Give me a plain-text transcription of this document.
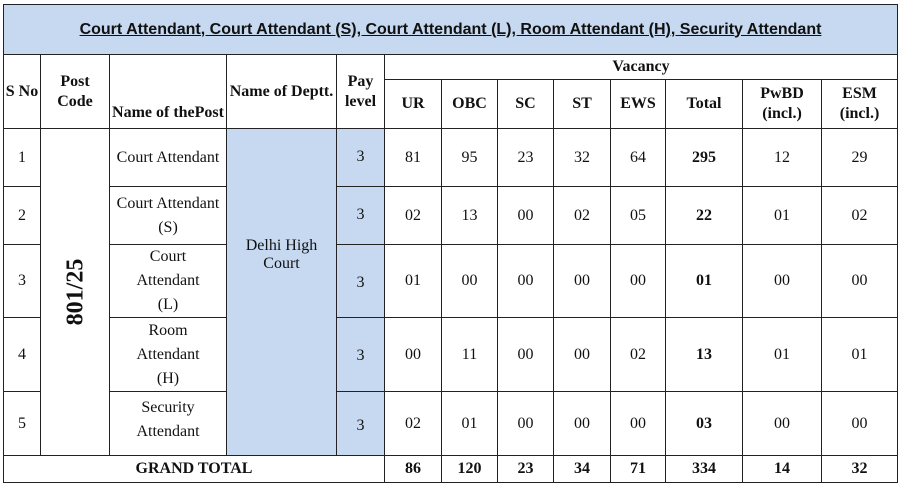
Court Attendant, Court Attendant (S), Court Attendant (L), Room Attendant (H), Security Attendant												
S No	Post Code	Name of thePost	Name of Deptt.	Pay level	Vacancy							
					UR	OBC	SC	ST	EWS	Total	PwBD (incl.)	ESM (incl.)
1	801/25	Court Attendant	Delhi High Court	3	81	95	23	32	64	295	12	29
2		Court Attendant (S)		3	02	13	00	02	05	22	01	02
3		Court Attendant (L)		3	01	00	00	00	00	01	00	00
4		Room Attendant (H)		3	00	11	00	00	02	13	01	01
5		Security Attendant		3	02	01	00	00	00	03	00	00
GRAND TOTAL					86	120	23	34	71	334	14	32
